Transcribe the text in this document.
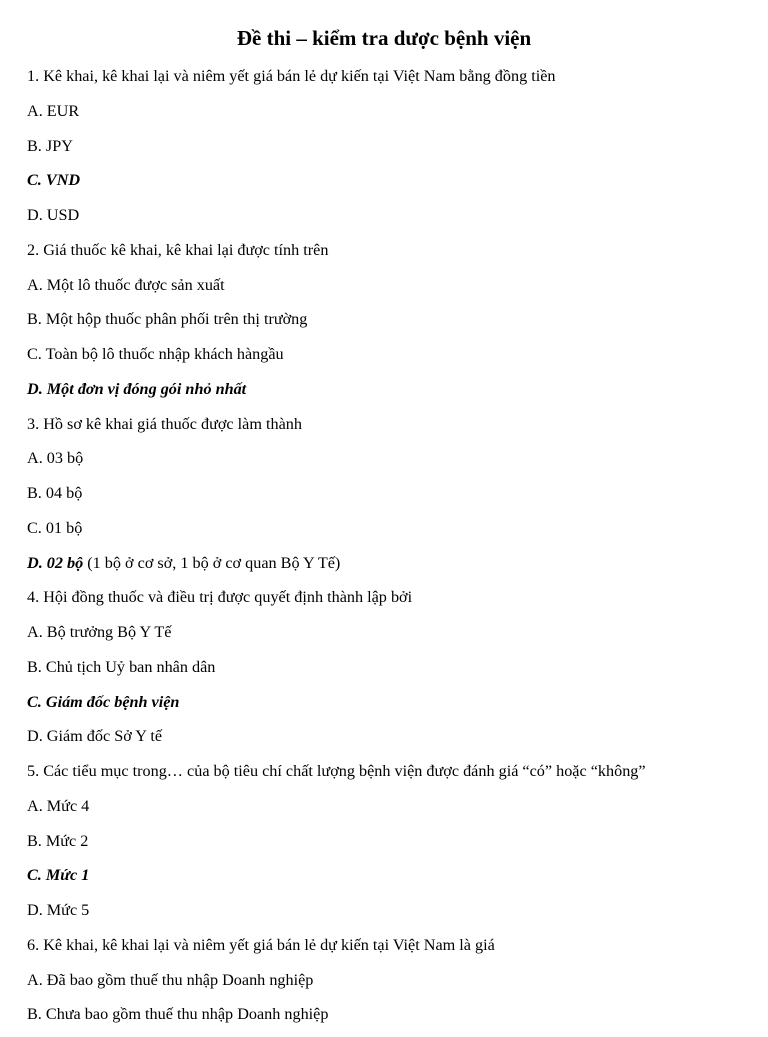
Đề thi – kiểm tra dược bệnh viện
1. Kê khai, kê khai lại và niêm yết giá bán lẻ dự kiến tại Việt Nam bằng đồng tiền
A. EUR
B. JPY
C. VND
D. USD
2. Giá thuốc kê khai, kê khai lại được tính trên
A. Một lô thuốc được sản xuất
B. Một hộp thuốc phân phối trên thị trường
C. Toàn bộ lô thuốc nhập khách hàngầu
D. Một đơn vị đóng gói nhỏ nhất
3. Hồ sơ kê khai giá thuốc được làm thành
A. 03 bộ
B. 04 bộ
C. 01 bộ
D. 02 bộ (1 bộ ở cơ sở, 1 bộ ở cơ quan Bộ Y Tế)
4. Hội đồng thuốc và điều trị được quyết định thành lập bởi
A. Bộ trưởng Bộ Y Tế
B. Chủ tịch Uỷ ban nhân dân
C. Giám đốc bệnh viện
D. Giám đốc Sở Y tế
5. Các tiểu mục trong… của bộ tiêu chí chất lượng bệnh viện được đánh giá “có” hoặc “không”
A. Mức 4
B. Mức 2
C. Mức 1
D. Mức 5
6. Kê khai, kê khai lại và niêm yết giá bán lẻ dự kiến tại Việt Nam là giá
A. Đã bao gồm thuế thu nhập Doanh nghiệp
B. Chưa bao gồm thuế thu nhập Doanh nghiệp
